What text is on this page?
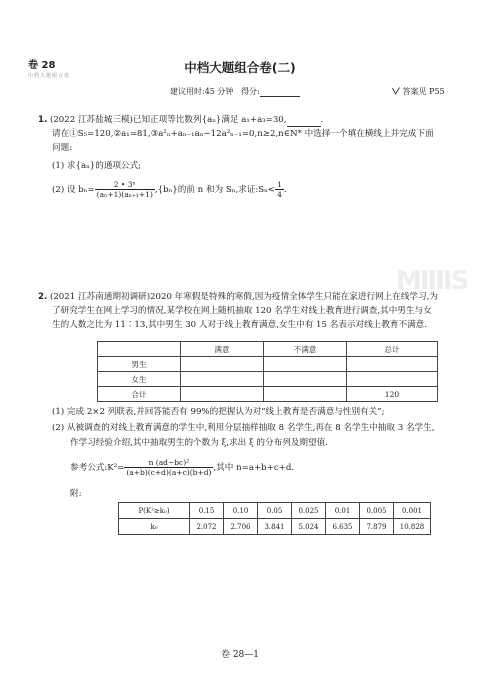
卷 28
中档大题组合卷
中档大题组合卷(二)
建议用时:45 分钟 得分:	答案见 P55
1. (2022 江苏盐城三模)已知正项等比数列{aₙ}满足 a₁+a₃=30,	.
请在①S₅=120,②a₁=81,③a²ₙ+aₙ₋₁aₙ−12a²ₙ₋₁=0,n≥2,n∈N* 中选择一个填在横线上并完成下面
问题:
(1) 求{aₙ}的通项公式;
(2) 设 $b_n= \frac{\text{2 • 3ⁿ}}{\text{(aₙ+1)(aₙ₊₁+1)}} ,\{b_n\}$的前 n 和为 Sₙ,求证:Sₙ< $\frac{1}{4}$ .
MIIIIS
2. (2021 江苏南通期初调研)2020 年寒假是特殊的寒假,因为疫情全体学生只能在家进行网上在线学习,为
了研究学生在网上学习的情况,某学校在网上随机抽取 120 名学生对线上教育进行调查,其中男生与女
生的人数之比为 11∶13,其中男生 30 人对于线上教育满意,女生中有 15 名表示对线上教育不满意.
	满意	不满意	总计
男生			
女生			
合计			120
(1) 完成 2×2 列联表,并回答能否有 99%的把握认为对“线上教育是否满意与性别有关”;
(2) 从被调查的对线上教育满意的学生中,利用分层抽样抽取 8 名学生,再在 8 名学生中抽取 3 名学生,
作学习经验介绍,其中抽取男生的个数为 ξ,求出 ξ 的分布列及期望值.
参考公式:K²= $\frac{\text{n (ad−bc)²}}{(a+b)(c+d)(a+c)(b+d)}$ ,其中 n=a+b+c+d.
附:
P(K²≥k₀)	0.15	0.10	0.05	0.025	0.01	0.005	0.001
k₀	2.072	2.706	3.841	5.024	6.635	7.879	10.828
卷 28—1
